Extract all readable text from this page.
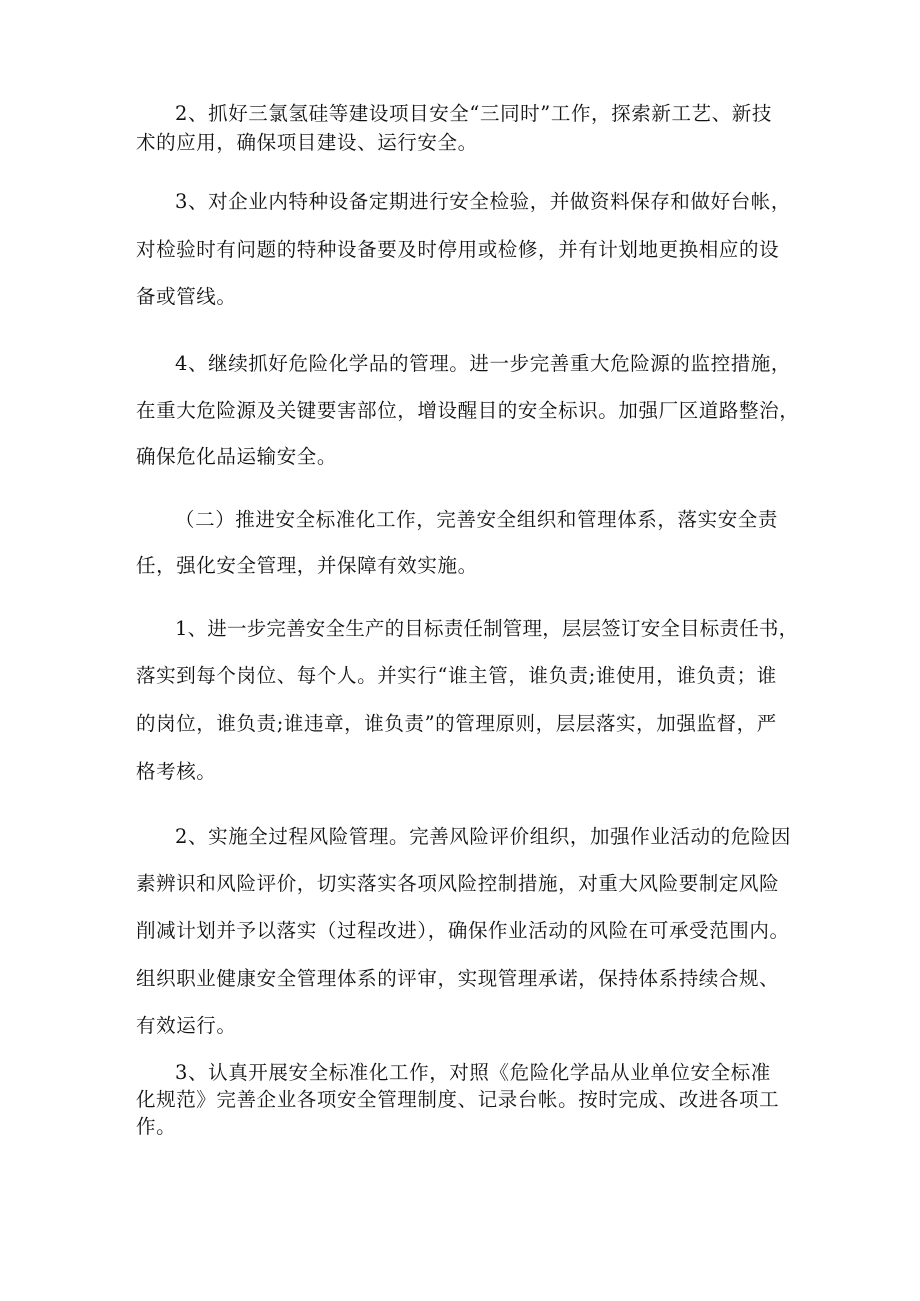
2、抓好三氯氢硅等建设项目安全“三同时”工作，探索新工艺、新技
术的应用，确保项目建设、运行安全。
3、对企业内特种设备定期进行安全检验，并做资料保存和做好台帐，
对检验时有问题的特种设备要及时停用或检修，并有计划地更换相应的设
备或管线。
4、继续抓好危险化学品的管理。进一步完善重大危险源的监控措施，
在重大危险源及关键要害部位，增设醒目的安全标识。加强厂区道路整治，
确保危化品运输安全。
（二）推进安全标准化工作，完善安全组织和管理体系，落实安全责
任，强化安全管理，并保障有效实施。
1、进一步完善安全生产的目标责任制管理，层层签订安全目标责任书，
落实到每个岗位、每个人。并实行“谁主管，谁负责;谁使用，谁负责；谁
的岗位，谁负责;谁违章，谁负责”的管理原则，层层落实，加强监督，严
格考核。
2、实施全过程风险管理。完善风险评价组织，加强作业活动的危险因
素辨识和风险评价，切实落实各项风险控制措施，对重大风险要制定风险
削减计划并予以落实（过程改进），确保作业活动的风险在可承受范围内。
组织职业健康安全管理体系的评审，实现管理承诺，保持体系持续合规、
有效运行。
3、认真开展安全标准化工作，对照《危险化学品从业单位安全标准
化规范》完善企业各项安全管理制度、记录台帐。按时完成、改进各项工
作。
